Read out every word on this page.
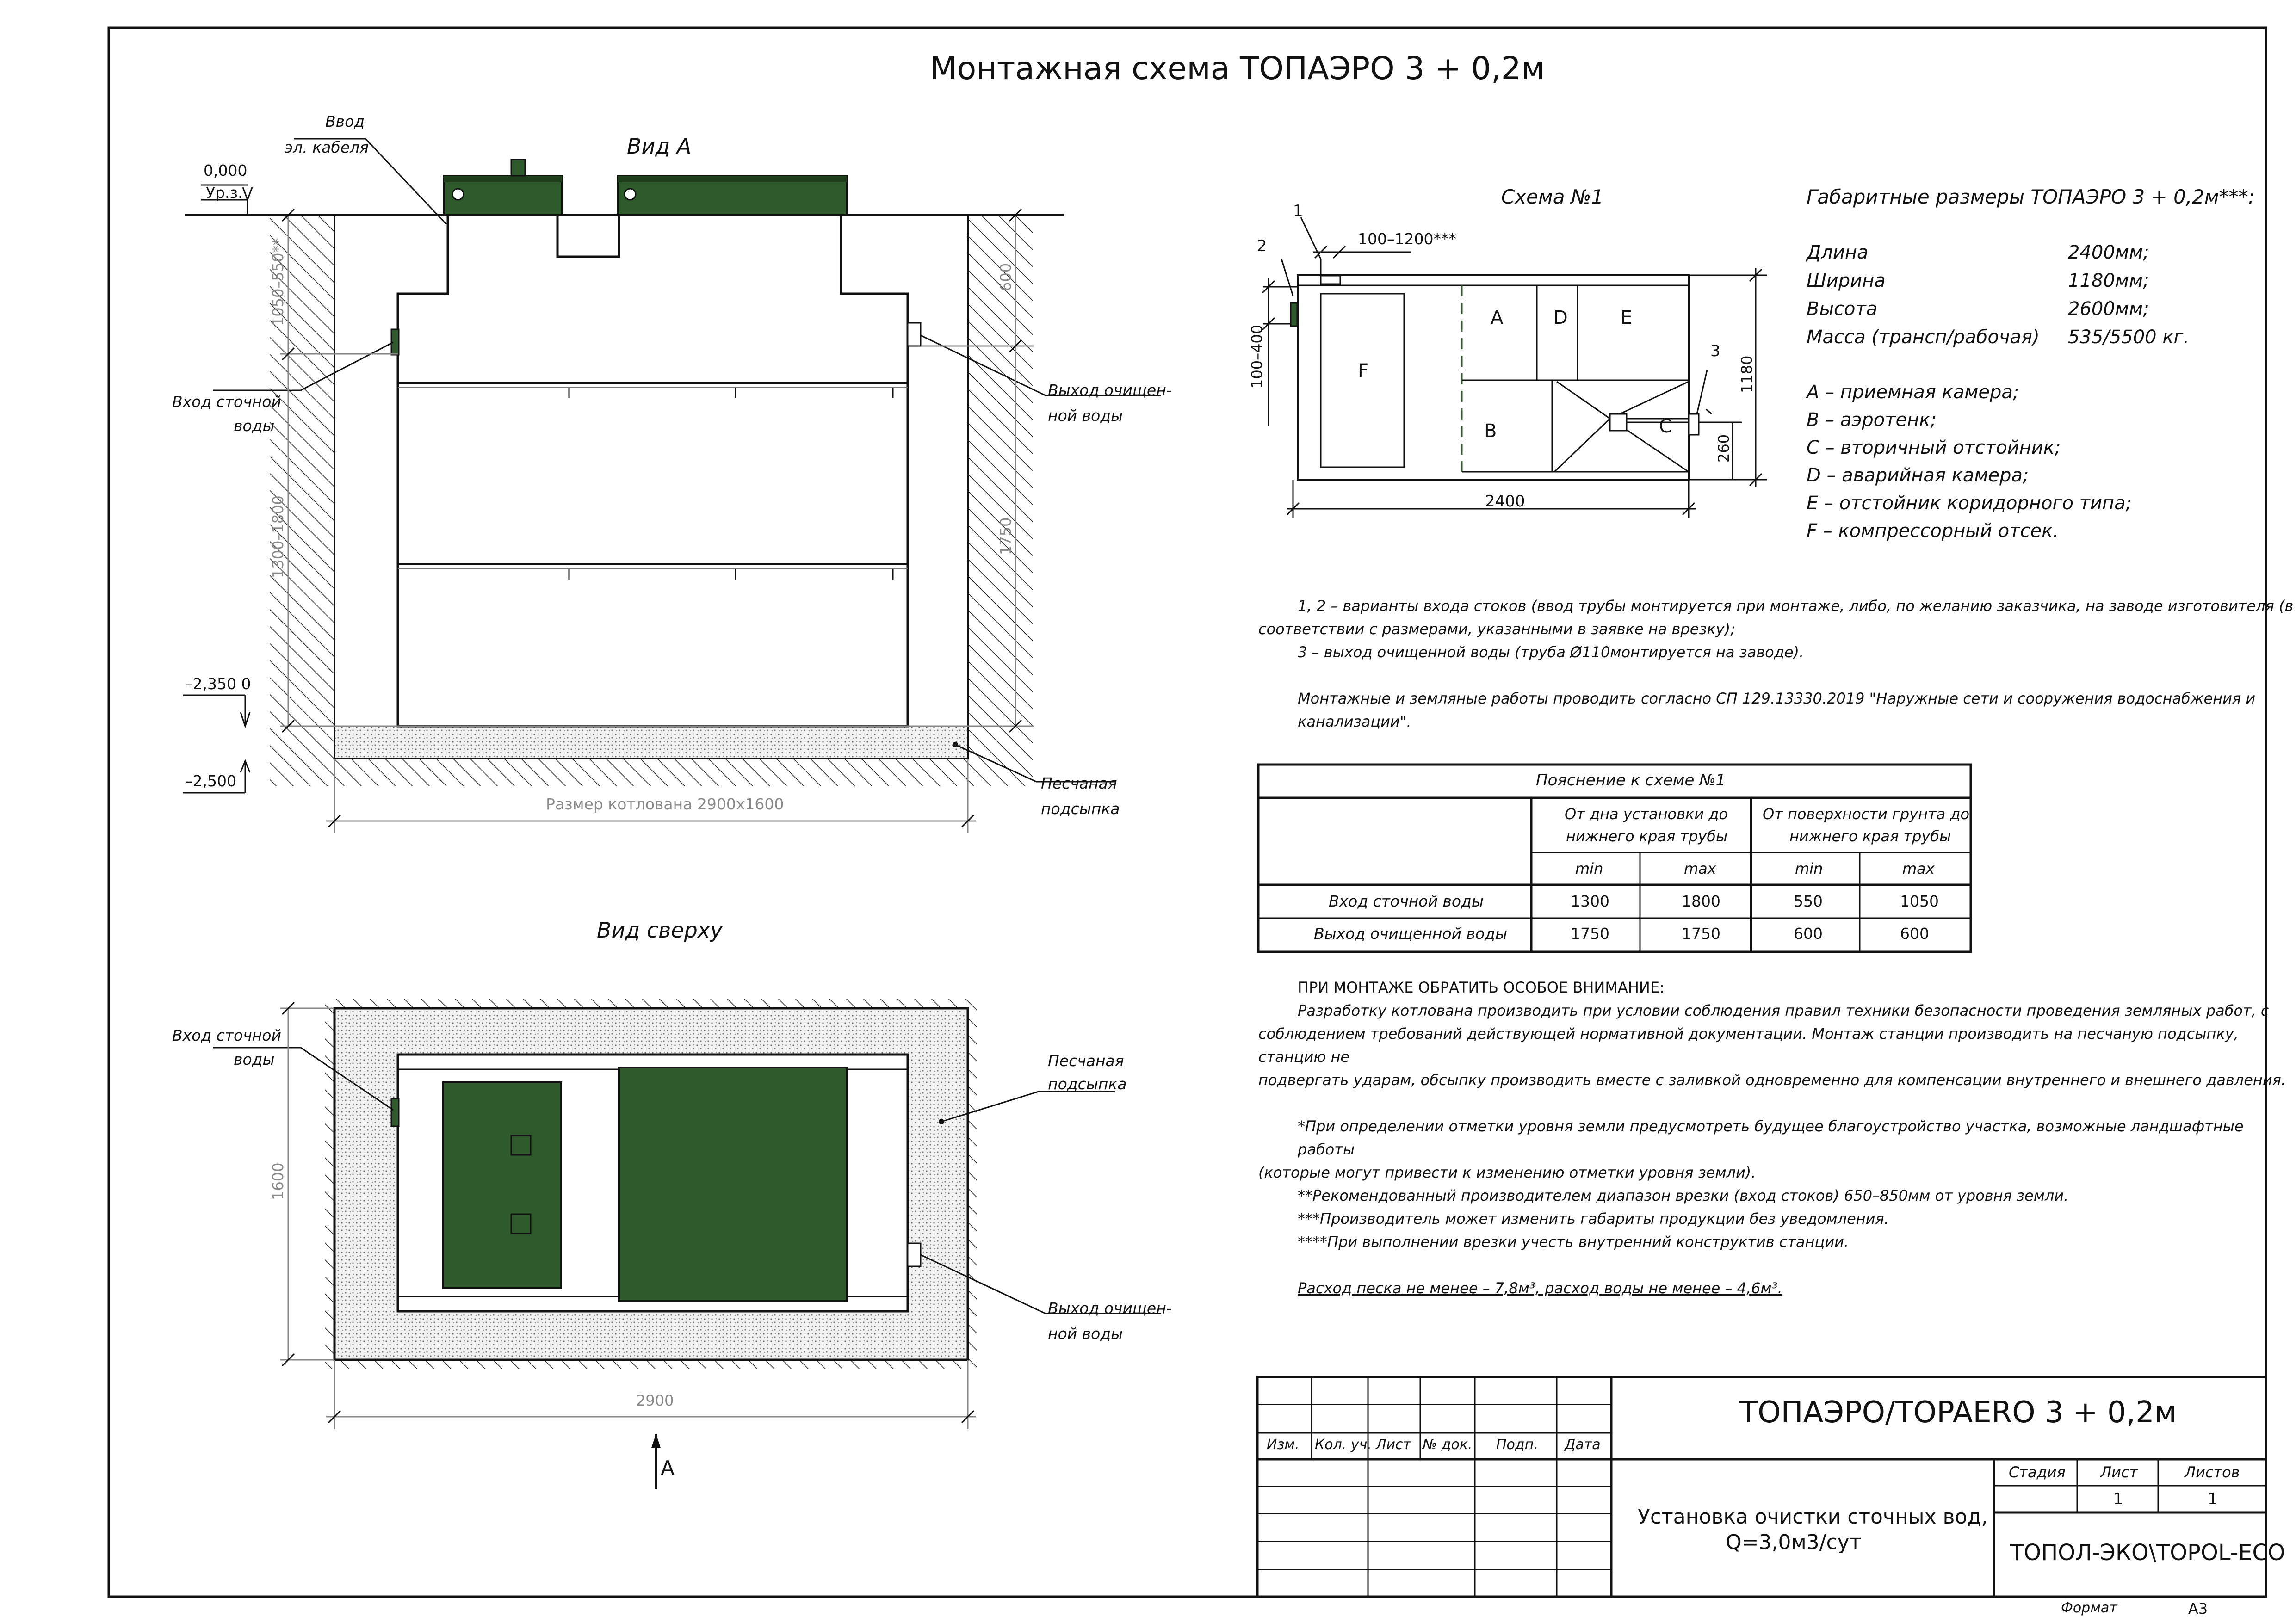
A	D	E
F
B	C
1050–550**
1300–1800
600
1750
1600
100–400	1180
260
Монтажная схема ТОПАЭРО 3 + 0,2м
Вид А
0,000
Ур.з.
Ввод
эл. кабеля
Вход сточной
воды
Выход очищен-
ной воды
–2,350 0
–2,500	Песчаная
подсыпка
Размер котлована 2900х1600
Вид сверху
Вход сточной
воды	Песчаная
подсыпка
Выход очищен-
ной воды
2900
А
Схема №1
1
2
3
100–1200***
2400
Габаритные размеры ТОПАЭРО 3 + 0,2м***:
Длина	2400мм;
Ширина	1180мм;
Высота	2600мм;
Масса (трансп/рабочая) 535/5500 кг.
А – приемная камера;
В – аэротенк;
С – вторичный отстойник;
D – аварийная камера;
Е – отстойник коридорного типа;
F – компрессорный отсек.

1, 2 – варианты входа стоков (ввод трубы монтируется при монтаже, либо, по желанию заказчика, на заводе изготовителя (в

соответствии с размерами, указанными в заявке на врезку);

3 – выход очищенной воды (труба Ø110монтируется на заводе).

Монтажные и земляные работы проводить согласно СП 129.13330.2019 "Наружные сети и сооружения водоснабжения и канализации".

Пояснение к схеме №1
От дна установки до
нижнего края трубы
От поверхности грунта до
нижнего края трубы
min	max	min	max
Вход сточной воды	1300	1800	550	1050
Выход очищенной воды	1750	1750	600	600

ПРИ МОНТАЖЕ ОБРАТИТЬ ОСОБОЕ ВНИМАНИЕ:

Разработку котлована производить при условии соблюдения правил техники безопасности проведения земляных работ, с

соблюдением требований действующей нормативной документации. Монтаж станции производить на песчаную подсыпку, станцию не

подвергать ударам, обсыпку производить вместе с заливкой одновременно для компенсации внутреннего и внешнего давления.

*При определении отметки уровня земли предусмотреть будущее благоустройство участка, возможные ландшафтные работы

(которые могут привести к изменению отметки уровня земли).

**Рекомендованный производителем диапазон врезки (вход стоков) 650–850мм от уровня земли.

***Производитель может изменить габариты продукции без уведомления.

****При выполнении врезки учесть внутренний конструктив станции.

Расход песка не менее – 7,8м³, расход воды не менее – 4,6м³.

ТОПАЭРО/TOPAERO 3 + 0,2м
Изм. Кол. уч. Лист № док. Подп. Дата
Установка очистки сточных вод,
Q=3,0м3/сут
Стадия Лист	Листов
1	1
ТОПОЛ-ЭКО\TOPOL-ECO
Формат	А3
